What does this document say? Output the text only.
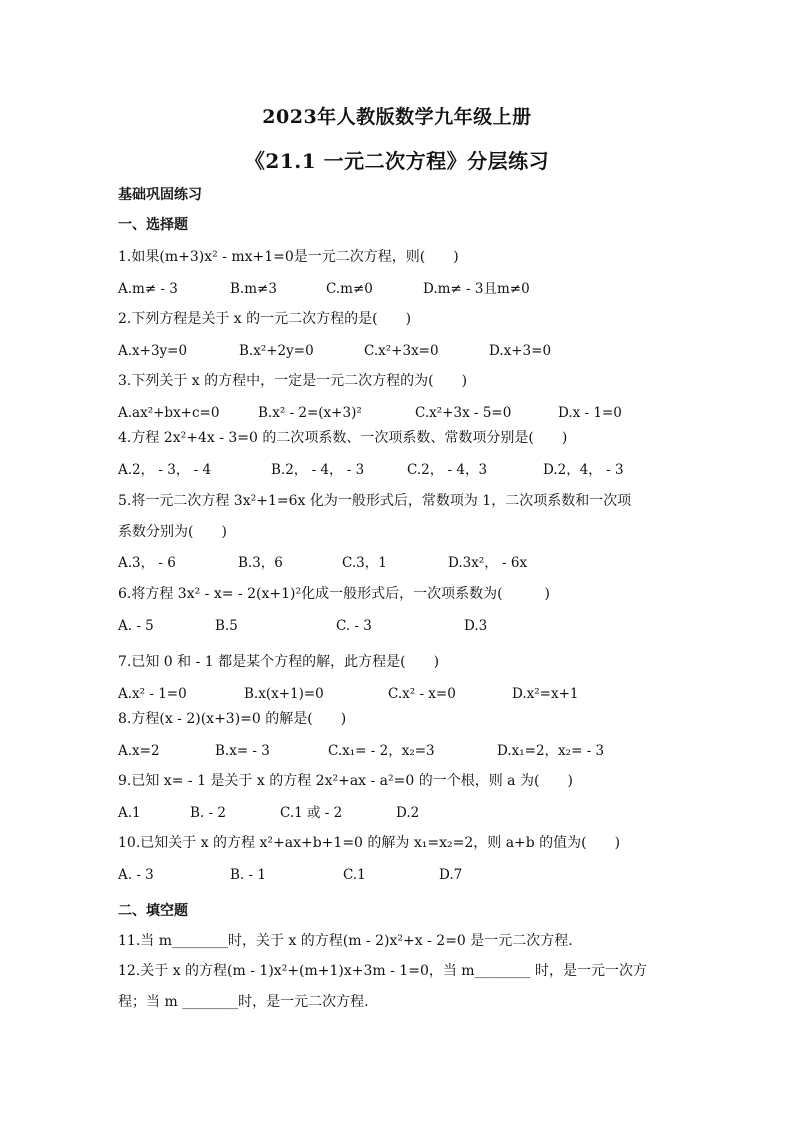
2023年人教版数学九年级上册
《21.1 一元二次方程》分层练习
基础巩固练习
一、选择题
1.如果(m+3)x² - mx+1=0是一元二次方程，则(　　)

A.m≠ - 3

	B.m≠3

	C.m≠0

	D.m≠ - 3且m≠0

2.下列方程是关于 x 的一元二次方程的是(　　)

A.x+3y=0

	B.x²+2y=0

	C.x²+3x=0

	D.x+3=0

3.下列关于 x 的方程中，一定是一元二次方程的为(　　)

A.ax²+bx+c=0

	B.x² - 2=(x+3)²

	C.x²+3x - 5=0

	D.x - 1=0

4.方程 2x²+4x - 3=0 的二次项系数、一次项系数、常数项分别是(　　)

A.2， - 3， - 4

	B.2， - 4， - 3

	C.2， - 4，3

	D.2，4， - 3

5.将一元二次方程 3x²+1=6x 化为一般形式后，常数项为 1，二次项系数和一次项
系数分别为(　　)

A.3， - 6

	B.3，6

	C.3，1

	D.3x²， - 6x

6.将方程 3x² - x= - 2(x+1)²化成一般形式后，一次项系数为(　　　)

A. - 5

	B.5

	C. - 3

	D.3

7.已知 0 和 - 1 都是某个方程的解，此方程是(　　)

A.x² - 1=0

	B.x(x+1)=0

	C.x² - x=0

	D.x²=x+1

8.方程(x - 2)(x+3)=0 的解是(　　)

A.x=2

	B.x= - 3

	C.x₁= - 2，x₂=3

	D.x₁=2，x₂= - 3

9.已知 x= - 1 是关于 x 的方程 2x²+ax - a²=0 的一个根，则 a 为(　　)

A.1

	B. - 2

	C.1 或 - 2

	D.2

10.已知关于 x 的方程 x²+ax+b+1=0 的解为 x₁=x₂=2，则 a+b 的值为(　　)

A. - 3

	B. - 1

	C.1

	D.7

二、填空题
11.当 m________时，关于 x 的方程(m - 2)x²+x - 2=0 是一元二次方程.
12.关于 x 的方程(m - 1)x²+(m+1)x+3m - 1=0，当 m________ 时，是一元一次方
程；当 m ________时，是一元二次方程.
